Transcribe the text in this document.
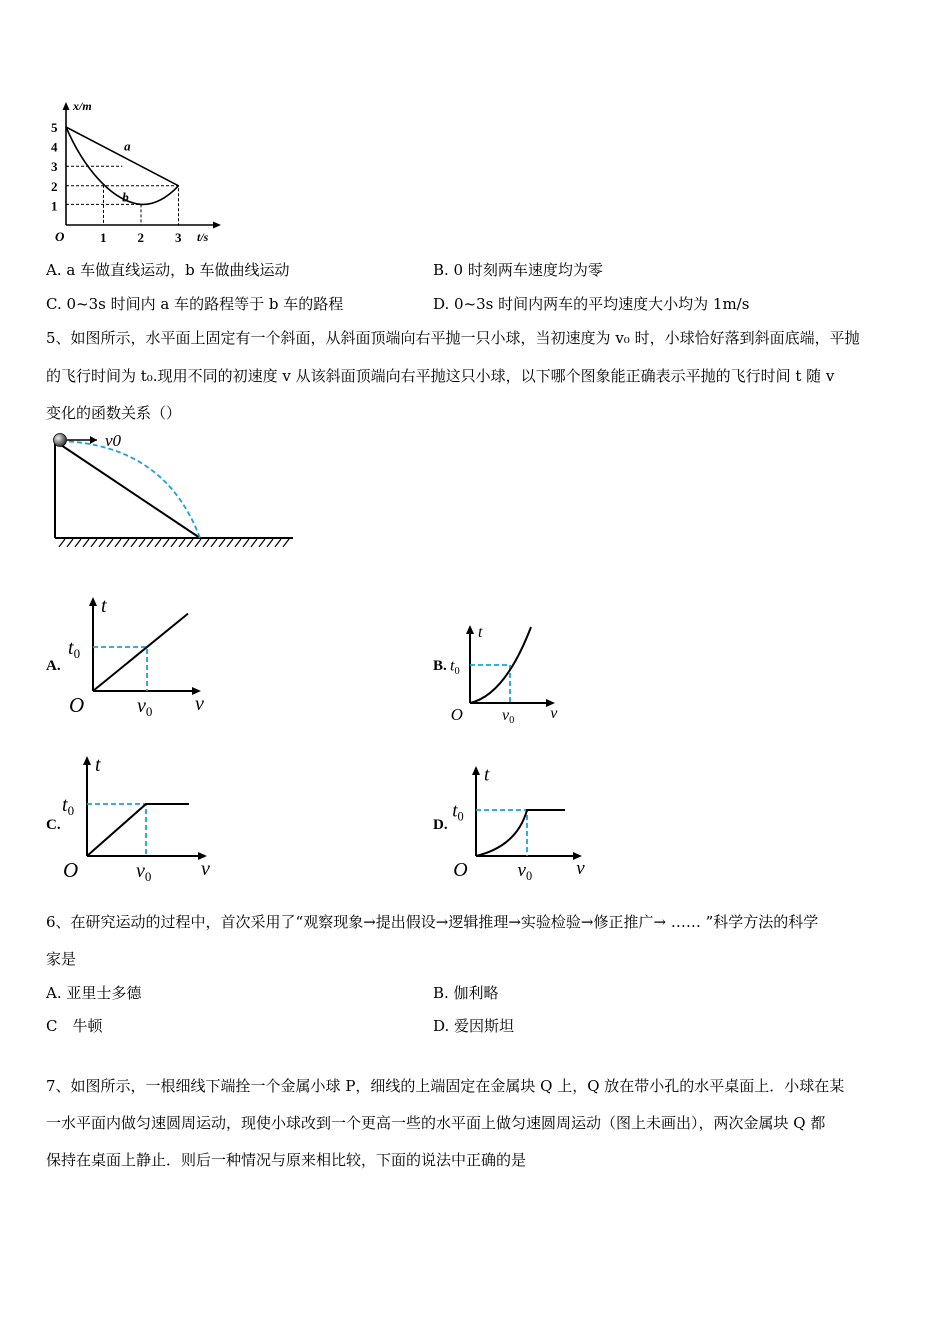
x/m
t/s
O
1
2
3
4
5
1 2 3
a
b
A. a 车做直线运动，b 车做曲线运动	B. 0 时刻两车速度均为零
C. 0~3s 时间内 a 车的路程等于 b 车的路程	D. 0~3s 时间内两车的平均速度大小均为 1m/s
5、如图所示，水平面上固定有一个斜面，从斜面顶端向右平抛一只小球，当初速度为 v₀ 时，小球恰好落到斜面底端，平抛
的飞行时间为 t₀.现用不同的初速度 v 从该斜面顶端向右平抛这只小球，以下哪个图象能正确表示平抛的飞行时间 t 随 v
变化的函数关系（）
v0
A.
t
$t_0$
O	$v_0$ v
B.
t
$t_0$
O $v_0$ v
C.
t
$t_0$
O	$v_0$ v
D.
t
$t_0$
O	$v_0$ v
6、在研究运动的过程中，首次采用了“观察现象→提出假设→逻辑推理→实验检验→修正推广→ …… ”科学方法的科学
家是
A. 亚里士多德	B. 伽利略
C　牛顿	D. 爱因斯坦
7、如图所示，一根细线下端拴一个金属小球 P，细线的上端固定在金属块 Q 上，Q 放在带小孔的水平桌面上．小球在某
一水平面内做匀速圆周运动，现使小球改到一个更高一些的水平面上做匀速圆周运动（图上未画出），两次金属块 Q 都
保持在桌面上静止．则后一种情况与原来相比较，下面的说法中正确的是
